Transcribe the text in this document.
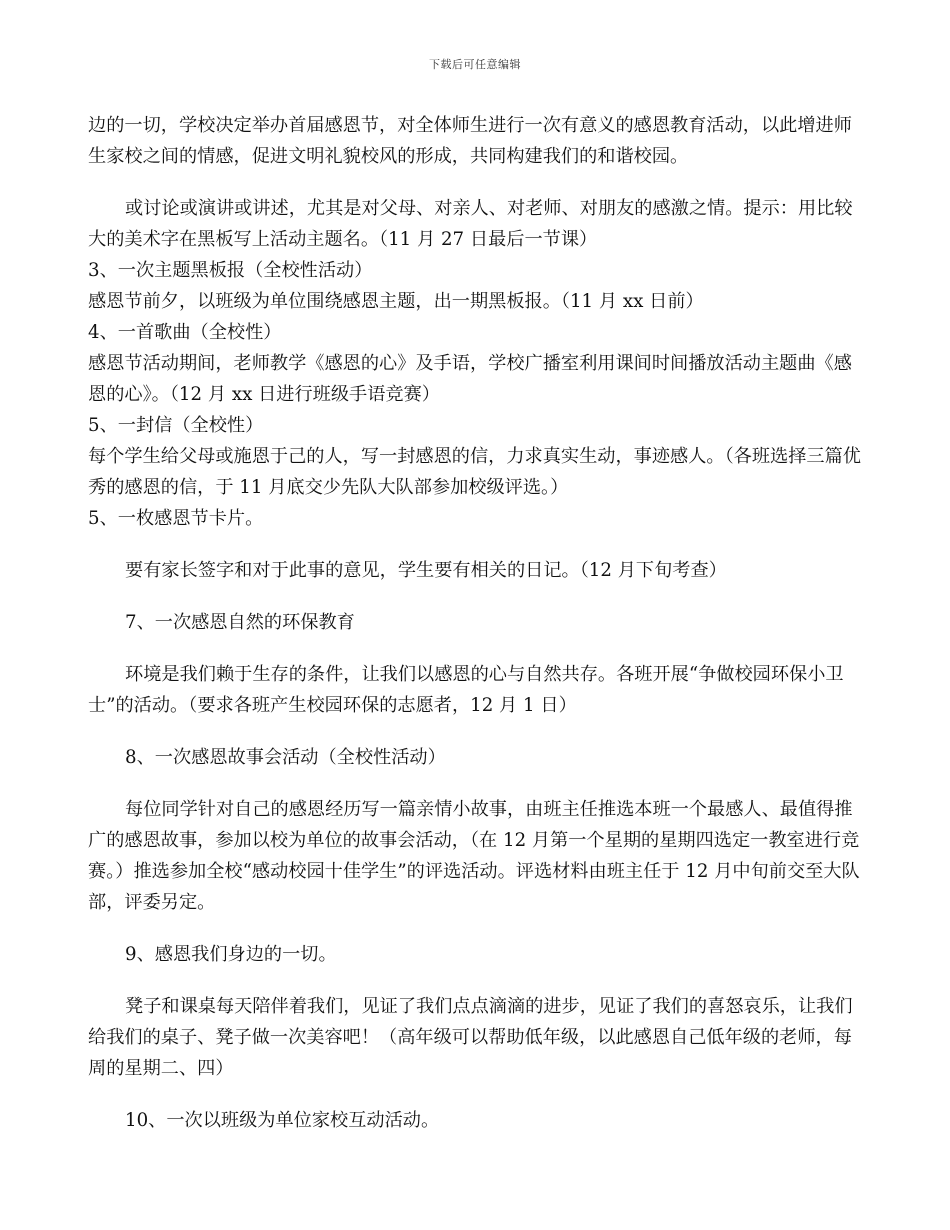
下载后可任意编辑

边的一切，学校决定举办首届感恩节，对全体师生进行一次有意义的感恩教育活动，以此增进师生家校之间的情感，促进文明礼貌校风的形成，共同构建我们的和谐校园。

或讨论或演讲或讲述，尤其是对父母、对亲人、对老师、对朋友的感激之情。提示：用比较大的美术字在黑板写上活动主题名。（11 月 27 日最后一节课）

3、一次主题黑板报（全校性活动）

感恩节前夕，以班级为单位围绕感恩主题，出一期黑板报。（11 月 xx 日前）

4、一首歌曲（全校性）

感恩节活动期间，老师教学《感恩的心》及手语，学校广播室利用课间时间播放活动主题曲《感恩的心》。（12 月 xx 日进行班级手语竞赛）

5、一封信（全校性）

每个学生给父母或施恩于己的人，写一封感恩的信，力求真实生动，事迹感人。（各班选择三篇优秀的感恩的信，于 11 月底交少先队大队部参加校级评选。）

5、一枚感恩节卡片。

要有家长签字和对于此事的意见，学生要有相关的日记。（12 月下旬考查）

7、一次感恩自然的环保教育

环境是我们赖于生存的条件，让我们以感恩的心与自然共存。各班开展“争做校园环保小卫士”的活动。（要求各班产生校园环保的志愿者，12 月 1 日）

8、一次感恩故事会活动（全校性活动）

每位同学针对自己的感恩经历写一篇亲情小故事，由班主任推选本班一个最感人、最值得推广的感恩故事，参加以校为单位的故事会活动，（在 12 月第一个星期的星期四选定一教室进行竞赛。）推选参加全校“感动校园十佳学生”的评选活动。评选材料由班主任于 12 月中旬前交至大队部，评委另定。

9、感恩我们身边的一切。

凳子和课桌每天陪伴着我们，见证了我们点点滴滴的进步，见证了我们的喜怒哀乐，让我们给我们的桌子、凳子做一次美容吧！（高年级可以帮助低年级，以此感恩自己低年级的老师，每周的星期二、四）

10、一次以班级为单位家校互动活动。
